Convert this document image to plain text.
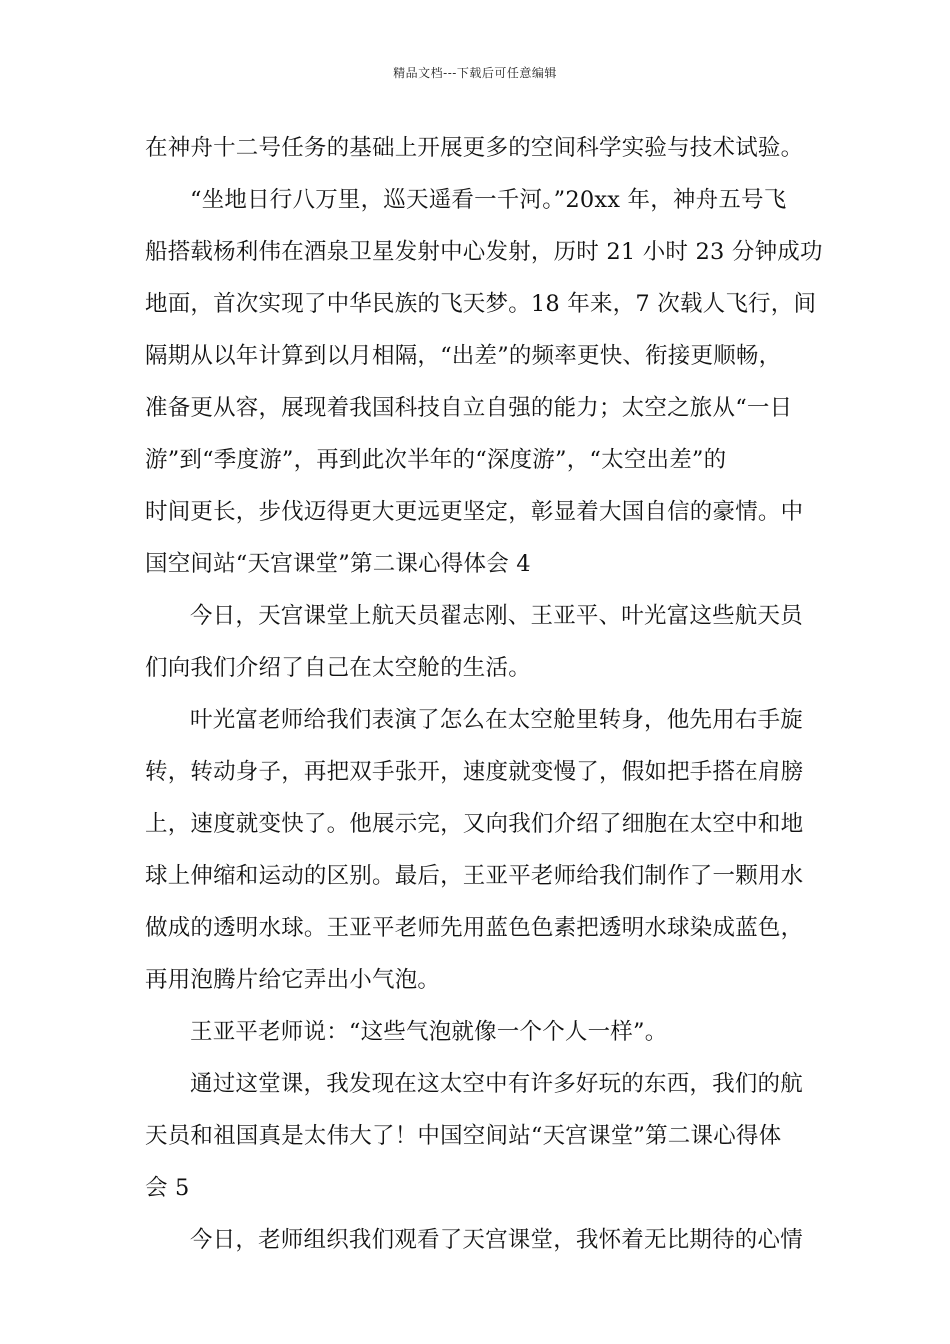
精品文档---下载后可任意编辑
在神舟十二号任务的基础上开展更多的空间科学实验与技术试验。
“坐地日行八万里，巡天遥看一千河。”20xx 年，神舟五号飞
船搭载杨利伟在酒泉卫星发射中心发射，历时 21 小时 23 分钟成功
地面，首次实现了中华民族的飞天梦。18 年来，7 次载人飞行，间
隔期从以年计算到以月相隔，“出差”的频率更快、衔接更顺畅，
准备更从容，展现着我国科技自立自强的能力；太空之旅从“一日
游”到“季度游”，再到此次半年的“深度游”，“太空出差”的
时间更长，步伐迈得更大更远更坚定，彰显着大国自信的豪情。中
国空间站“天宫课堂”第二课心得体会 4
今日，天宫课堂上航天员翟志刚、王亚平、叶光富这些航天员
们向我们介绍了自己在太空舱的生活。
叶光富老师给我们表演了怎么在太空舱里转身，他先用右手旋
转，转动身子，再把双手张开，速度就变慢了，假如把手搭在肩膀
上，速度就变快了。他展示完，又向我们介绍了细胞在太空中和地
球上伸缩和运动的区别。最后，王亚平老师给我们制作了一颗用水
做成的透明水球。王亚平老师先用蓝色色素把透明水球染成蓝色，
再用泡腾片给它弄出小气泡。
王亚平老师说：“这些气泡就像一个个人一样”。
通过这堂课，我发现在这太空中有许多好玩的东西，我们的航
天员和祖国真是太伟大了！中国空间站“天宫课堂”第二课心得体
会 5
今日，老师组织我们观看了天宫课堂，我怀着无比期待的心情
